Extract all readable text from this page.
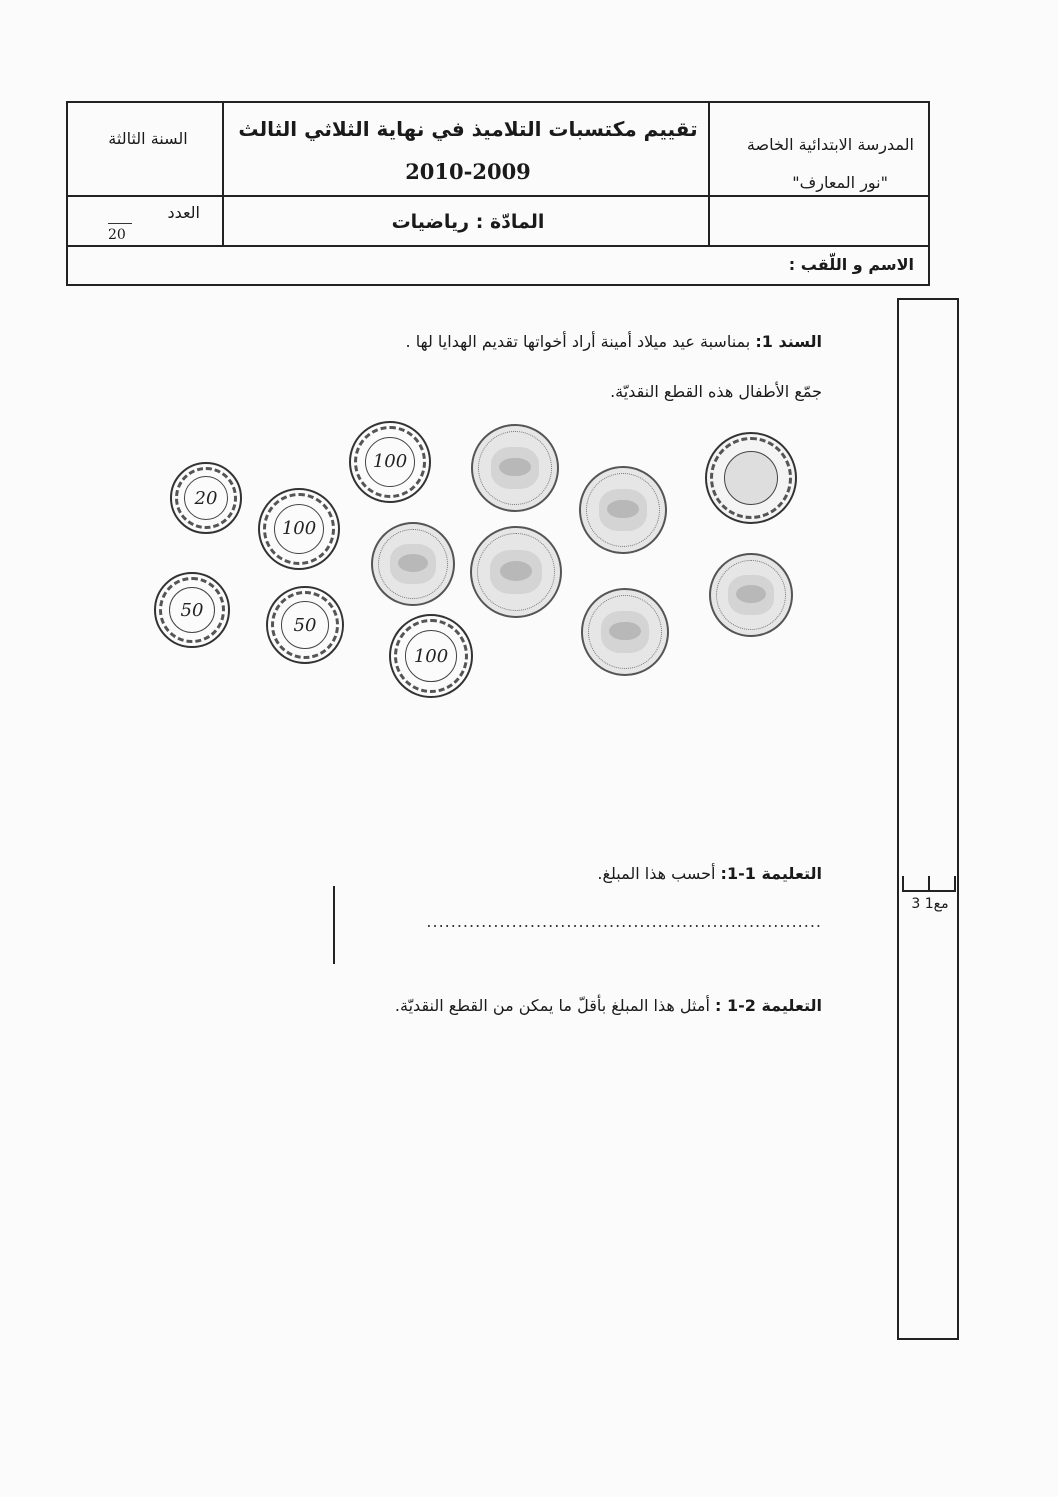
المدرسة الابتدائية الخاصة
"نور المعارف"
تقييم مكتسبات التلاميذ في نهاية الثلاثي الثالث
2010-2009
المادّة : رياضيات
السنة الثالثة
العدد
20
الاسم و اللّقب :
مع1 3
السند 1: بمناسبة عيد ميلاد أمينة أراد أخواتها تقديم الهدايا لها .
جمّع الأطفال هذه القطع النقديّة.
20
100
100
50
50
100
التعليمة 1-1: أحسب هذا المبلغ.
.................................................................
التعليمة 2-1 : أمثل هذا المبلغ بأقلّ ما يمكن من القطع النقديّة.
